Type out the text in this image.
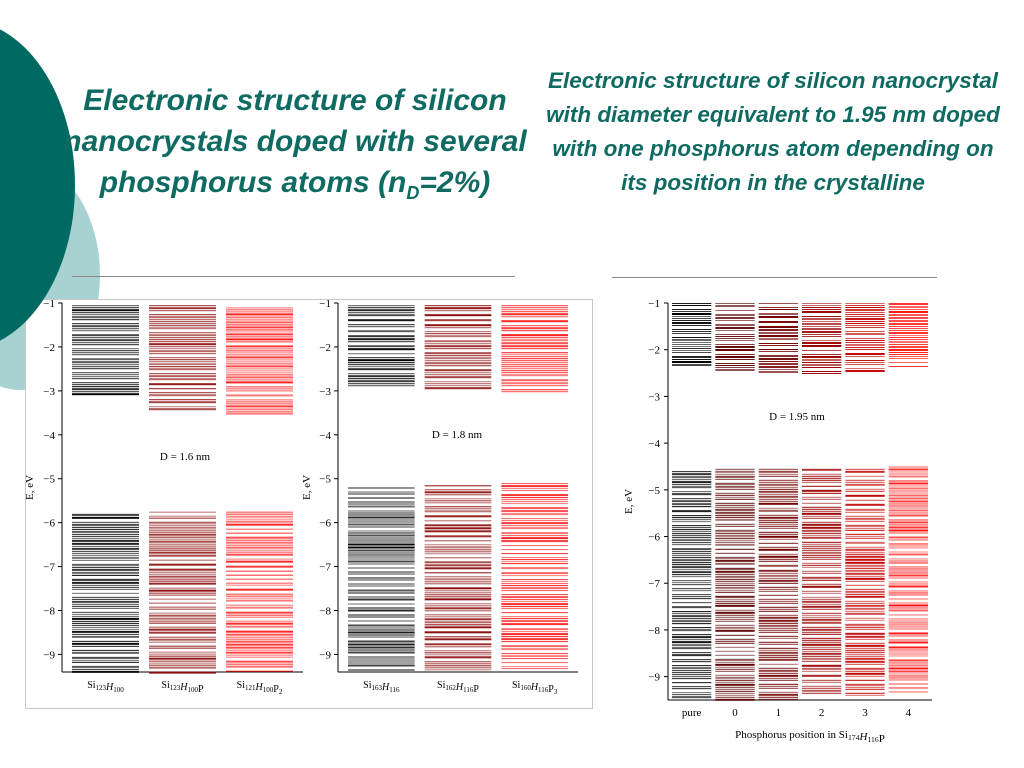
Electronic structure of silicon nanocrystals doped with several phosphorus atoms $(n_D=2\%)$
Electronic structure of silicon nanocrystal with diameter equivalent to 1.95 nm doped with one phosphorus atom depending on its position in the crystalline
−1
−2
−3
−4
−5
−6
−7
−8
−9
E, eV
$Si_{123}H_{100}$	$Si_{123}H_{100}P$	$Si_{121}H_{100}P_2$
D = 1.6 nm
−1
−2
−3
−4
−5
−6
−7
−8
−9
E, eV
$Si_{163}H_{116}$	$Si_{162}H_{116}P$	$Si_{160}H_{116}P_3$
D = 1.8 nm
−1
−2
−3
−4
−5
−6
−7
−8
−9
E, eV
pure	0	1	2	3	4
D = 1.95 nm
Phosphorus position in Si174H116P
